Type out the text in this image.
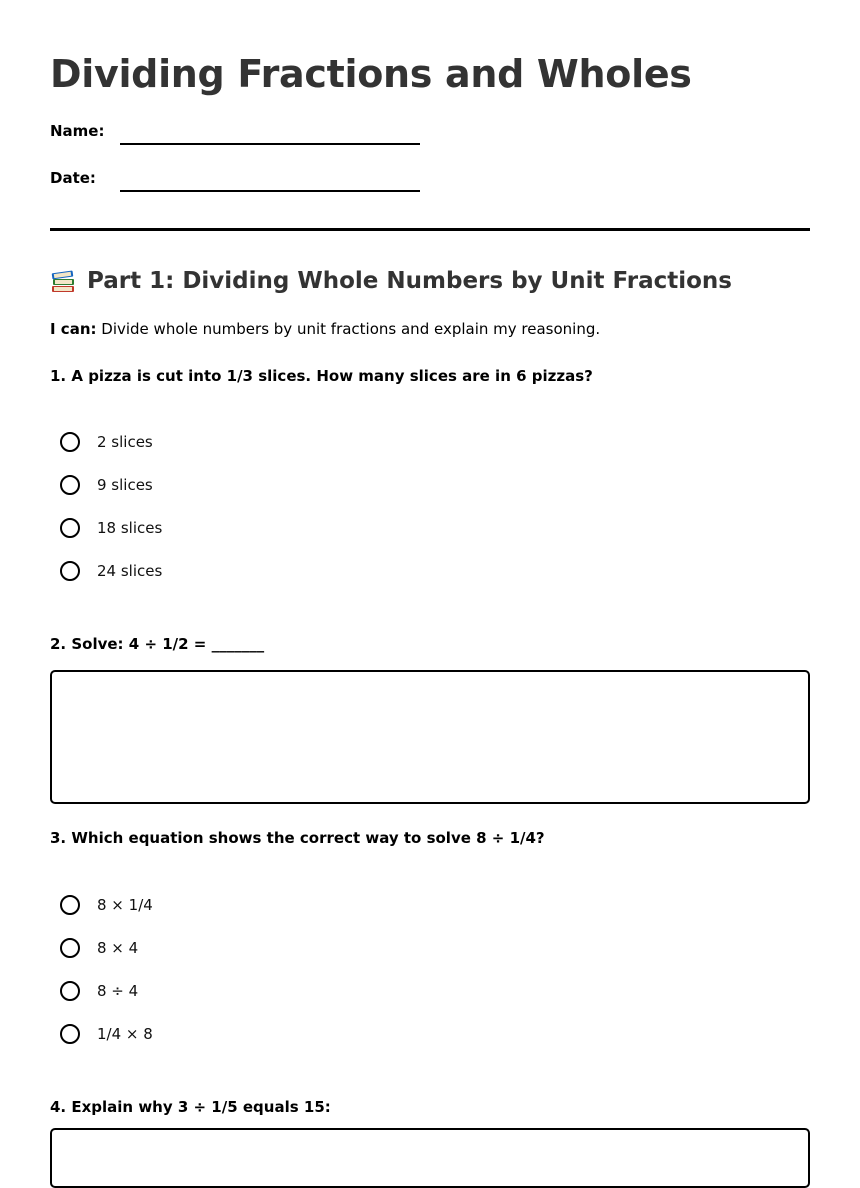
Dividing Fractions and Wholes
Name:
Date:
Part 1: Dividing Whole Numbers by Unit Fractions
I can: Divide whole numbers by unit fractions and explain my reasoning.
1. A pizza is cut into 1/3 slices. How many slices are in 6 pizzas?
2 slices
9 slices
18 slices
24 slices
2. Solve: 4 ÷ 1/2 = _______
3. Which equation shows the correct way to solve 8 ÷ 1/4?
8 × 1/4
8 × 4
8 ÷ 4
1/4 × 8
4. Explain why 3 ÷ 1/5 equals 15:
